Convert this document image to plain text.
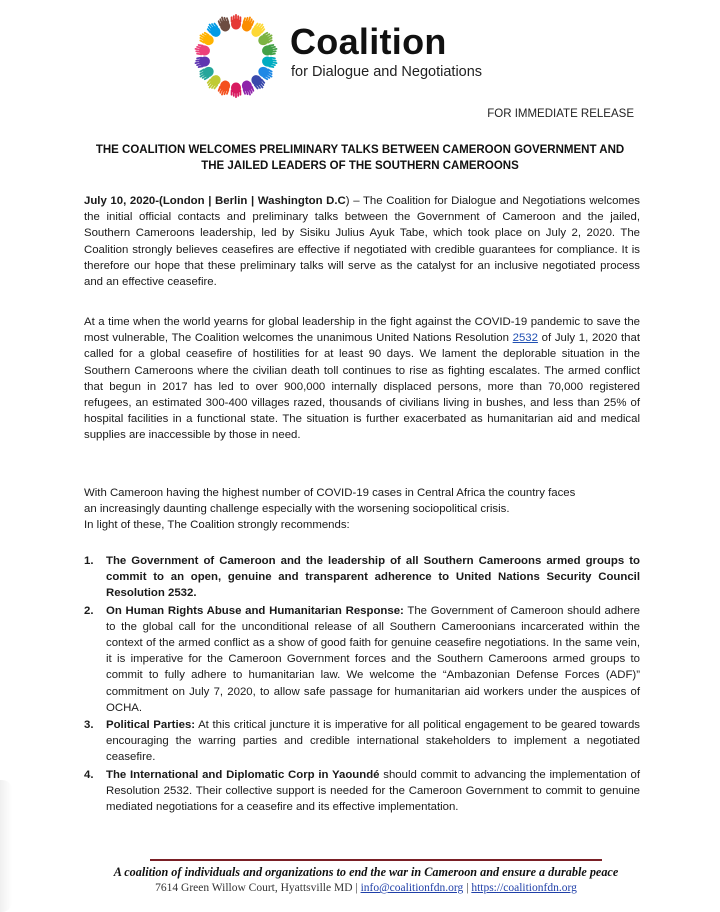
Coalition
for Dialogue and Negotiations
FOR IMMEDIATE RELEASE
THE COALITION WELCOMES PRELIMINARY TALKS BETWEEN CAMEROON GOVERNMENT AND
THE JAILED LEADERS OF THE SOUTHERN CAMEROONS
July 10, 2020-(London | Berlin | Washington D.C) – The Coalition for Dialogue and Negotiations welcomes the initial official contacts and preliminary talks between the Government of Cameroon and the jailed, Southern Cameroons leadership, led by Sisiku Julius Ayuk Tabe, which took place on July 2, 2020. The Coalition strongly believes ceasefires are effective if negotiated with credible guarantees for compliance. It is therefore our hope that these preliminary talks will serve as the catalyst for an inclusive negotiated process and an effective ceasefire.
At a time when the world yearns for global leadership in the fight against the COVID-19 pandemic to save the most vulnerable, The Coalition welcomes the unanimous United Nations Resolution 2532 of July 1, 2020 that called for a global ceasefire of hostilities for at least 90 days. We lament the deplorable situation in the Southern Cameroons where the civilian death toll continues to rise as fighting escalates. The armed conflict that begun in 2017 has led to over 900,000 internally displaced persons, more than 70,000 registered refugees, an estimated 300-400 villages razed, thousands of civilians living in bushes, and less than 25% of hospital facilities in a functional state. The situation is further exacerbated as humanitarian aid and medical supplies are inaccessible by those in need.
With Cameroon having the highest number of COVID-19 cases in Central Africa the country faces
an increasingly daunting challenge especially with the worsening sociopolitical crisis.
In light of these, The Coalition strongly recommends:
1. The Government of Cameroon and the leadership of all Southern Cameroons armed groups to commit to an open, genuine and transparent adherence to United Nations Security Council Resolution 2532.
2. On Human Rights Abuse and Humanitarian Response: The Government of Cameroon should adhere to the global call for the unconditional release of all Southern Cameroonians incarcerated within the context of the armed conflict as a show of good faith for genuine ceasefire negotiations. In the same vein, it is imperative for the Cameroon Government forces and the Southern Cameroons armed groups to commit to fully adhere to humanitarian law. We welcome the “Ambazonian Defense Forces (ADF)” commitment on July 7, 2020, to allow safe passage for humanitarian aid workers under the auspices of OCHA.
3. Political Parties: At this critical juncture it is imperative for all political engagement to be geared towards encouraging the warring parties and credible international stakeholders to implement a negotiated ceasefire.
4. The International and Diplomatic Corp in Yaoundé should commit to advancing the implementation of Resolution 2532. Their collective support is needed for the Cameroon Government to commit to genuine mediated negotiations for a ceasefire and its effective implementation.
A coalition of individuals and organizations to end the war in Cameroon and ensure a durable peace
7614 Green Willow Court, Hyattsville MD | info@coalitionfdn.org | https://coalitionfdn.org
